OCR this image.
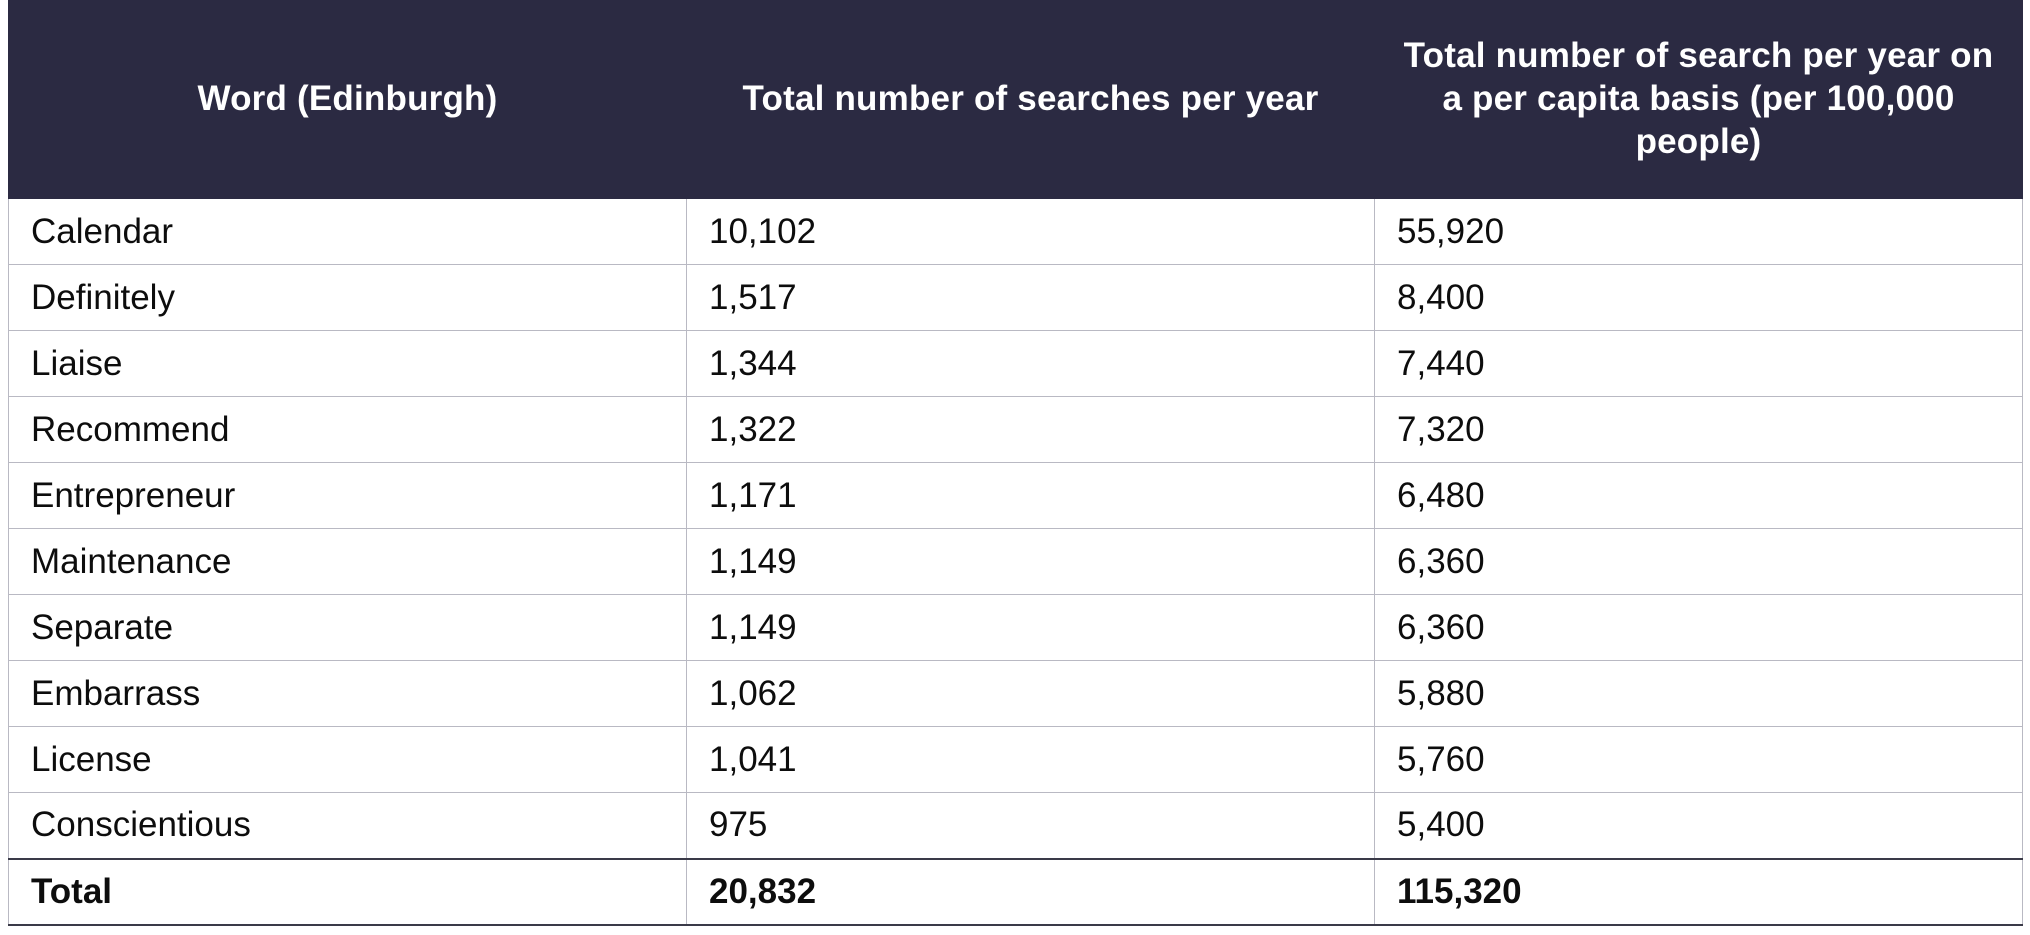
Word (Edinburgh)	Total number of searches per year	Total number of search per year on a per capita basis (per 100,000 people)
Calendar	10,102	55,920
Definitely	1,517	8,400
Liaise	1,344	7,440
Recommend	1,322	7,320
Entrepreneur	1,171	6,480
Maintenance	1,149	6,360
Separate	1,149	6,360
Embarrass	1,062	5,880
License	1,041	5,760
Conscientious	975	5,400
Total	20,832	115,320
